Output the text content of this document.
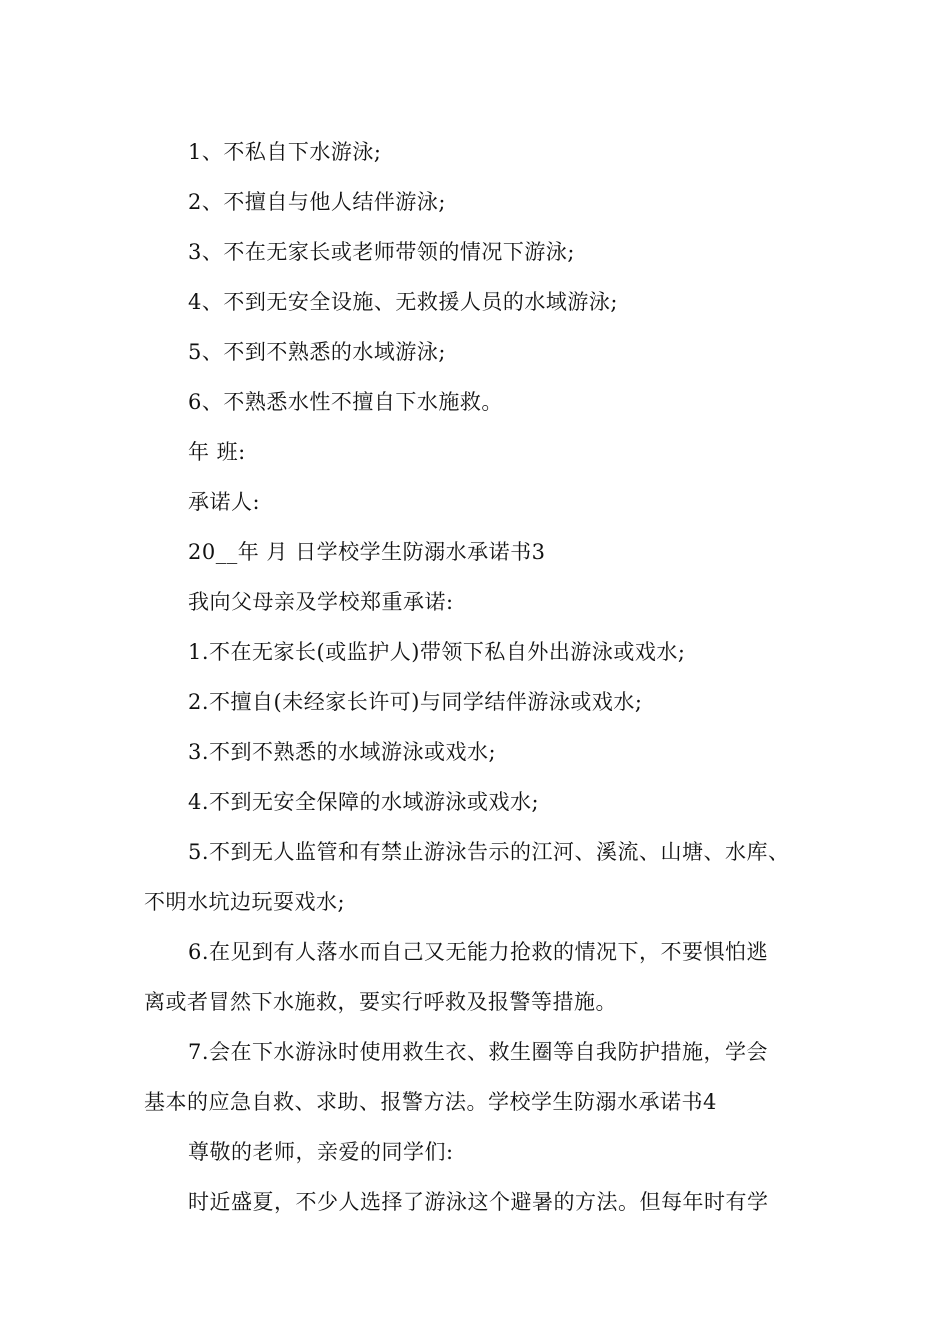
1、不私自下水游泳;
2、不擅自与他人结伴游泳;
3、不在无家长或老师带领的情况下游泳;
4、不到无安全设施、无救援人员的水域游泳;
5、不到不熟悉的水域游泳;
6、不熟悉水性不擅自下水施救。
年 班:
承诺人:
20__年 月 日学校学生防溺水承诺书3
我向父母亲及学校郑重承诺:
1.不在无家长(或监护人)带领下私自外出游泳或戏水;
2.不擅自(未经家长许可)与同学结伴游泳或戏水;
3.不到不熟悉的水域游泳或戏水;
4.不到无安全保障的水域游泳或戏水;
5.不到无人监管和有禁止游泳告示的江河、溪流、山塘、水库、
不明水坑边玩耍戏水;
6.在见到有人落水而自己又无能力抢救的情况下，不要惧怕逃
离或者冒然下水施救，要实行呼救及报警等措施。
7.会在下水游泳时使用救生衣、救生圈等自我防护措施，学会
基本的应急自救、求助、报警方法。学校学生防溺水承诺书4
尊敬的老师，亲爱的同学们:
时近盛夏，不少人选择了游泳这个避暑的方法。但每年时有学
